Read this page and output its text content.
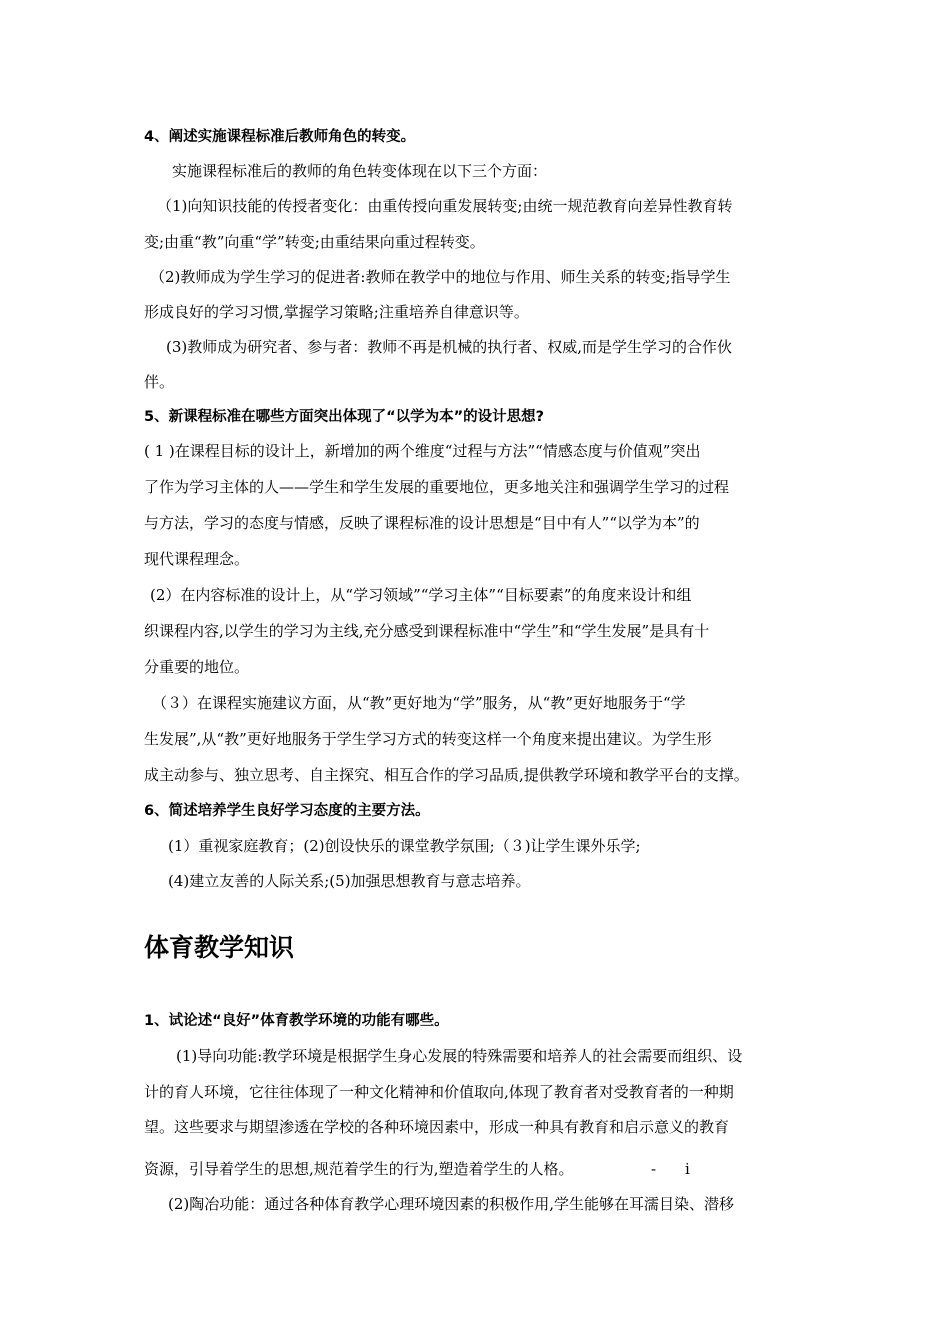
4、阐述实施课程标准后教师角色的转变。
实施课程标准后的教师的角色转变体现在以下三个方面：
（1)向知识技能的传授者变化：由重传授向重发展转变;由统一规范教育向差异性教育转
变;由重“教”向重“学”转变;由重结果向重过程转变。
（2)教师成为学生学习的促进者:教师在教学中的地位与作用、师生关系的转变;指导学生
形成良好的学习习惯,掌握学习策略;注重培养自律意识等。
(3)教师成为研究者、参与者：教师不再是机械的执行者、权威,而是学生学习的合作伙
伴。
5、新课程标准在哪些方面突出体现了“以学为本”的设计思想?
( 1 )在课程目标的设计上，新增加的两个维度“过程与方法”“情感态度与价值观”突出
了作为学习主体的人——学生和学生发展的重要地位，更多地关注和强调学生学习的过程
与方法，学习的态度与情感，反映了课程标准的设计思想是“目中有人”“以学为本”的
现代课程理念。
(2）在内容标准的设计上，从“学习领域”“学习主体”“目标要素”的角度来设计和组
织课程内容,以学生的学习为主线,充分感受到课程标准中“学生”和“学生发展”是具有十
分重要的地位。
（３）在课程实施建议方面，从“教”更好地为“学”服务，从“教”更好地服务于“学
生发展”,从“教”更好地服务于学生学习方式的转变这样一个角度来提出建议。为学生形
成主动参与、独立思考、自主探究、相互合作的学习品质,提供教学环境和教学平台的支撑。
6、简述培养学生良好学习态度的主要方法。
(1）重视家庭教育；(2)创设快乐的课堂教学氛围;（３)让学生课外乐学;
(4)建立友善的人际关系;(5)加强思想教育与意志培养。
体育教学知识
1、试论述“良好”体育教学环境的功能有哪些。
(1)导向功能:教学环境是根据学生身心发展的特殊需要和培养人的社会需要而组织、设
计的育人环境，它往往体现了一种文化精神和价值取向,体现了教育者对受教育者的一种期
望。这些要求与期望渗透在学校的各种环境因素中，形成一种具有教育和启示意义的教育
资源，引导着学生的思想,规范着学生的行为,塑造着学生的人格。	- i
(2)陶冶功能：通过各种体育教学心理环境因素的积极作用,学生能够在耳濡目染、潜移
